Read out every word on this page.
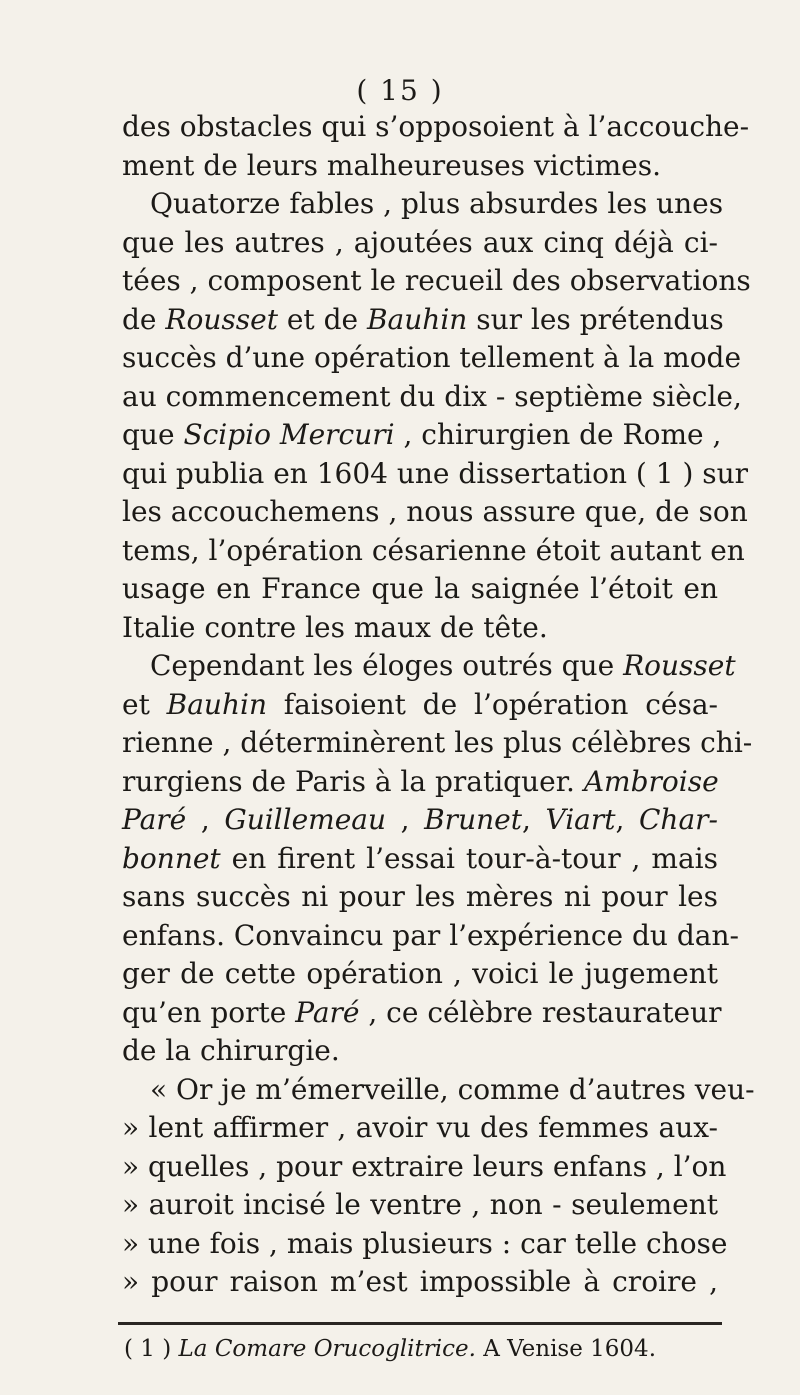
( 15 )
des obstacles qui s’opposoient à l’accouche-
ment de leurs malheureuses victimes.
Quatorze fables , plus absurdes les unes
que les autres , ajoutées aux cinq déjà ci-
tées , composent le recueil des observations
de Rousset et de Bauhin sur les prétendus
succès d’une opération tellement à la mode
au commencement du dix - septième siècle,
que Scipio Mercuri , chirurgien de Rome ,
qui publia en 1604 une dissertation ( 1 ) sur
les accouchemens , nous assure que, de son
tems, l’opération césarienne étoit autant en
usage en France que la saignée l’étoit en
Italie contre les maux de tête.
Cependant les éloges outrés que Rousset
et Bauhin faisoient de l’opération césa-
rienne , déterminèrent les plus célèbres chi-
rurgiens de Paris à la pratiquer. Ambroise
Paré , Guillemeau , Brunet, Viart, Char-
bonnet en firent l’essai tour-à-tour , mais
sans succès ni pour les mères ni pour les
enfans. Convaincu par l’expérience du dan-
ger de cette opération , voici le jugement
qu’en porte Paré , ce célèbre restaurateur
de la chirurgie.
« Or je m’émerveille, comme d’autres veu-
» lent affirmer , avoir vu des femmes aux-
» quelles , pour extraire leurs enfans , l’on
» auroit incisé le ventre , non - seulement
» une fois , mais plusieurs : car telle chose
» pour raison m’est impossible à croire ,
( 1 ) La Comare Orucoglitrice. A Venise 1604.
